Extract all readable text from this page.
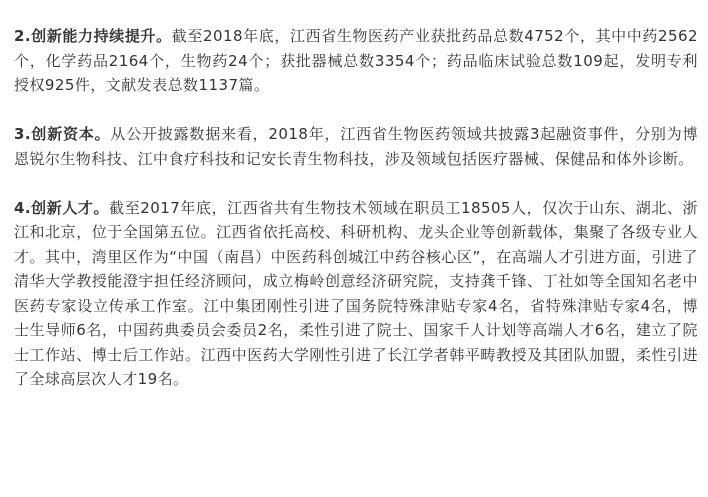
2.创新能力持续提升。截至2018年底，江西省生物医药产业获批药品总数4752个，其中中药2562个，化学药品2164个，生物药24个；获批器械总数3354个；药品临床试验总数109起，发明专利授权925件，文献发表总数1137篇。

3.创新资本。从公开披露数据来看，2018年，江西省生物医药领域共披露3起融资事件，分别为博恩锐尔生物科技、江中食疗科技和记安长青生物科技，涉及领域包括医疗器械、保健品和体外诊断。

4.创新人才。截至2017年底，江西省共有生物技术领域在职员工18505人，仅次于山东、湖北、浙江和北京，位于全国第五位。江西省依托高校、科研机构、龙头企业等创新载体，集聚了各级专业人才。其中，湾里区作为“中国（南昌）中医药科创城江中药谷核心区”，在高端人才引进方面，引进了清华大学教授能澄宇担任经济顾问，成立梅岭创意经济研究院，支持龚千锋、丁社如等全国知名老中医药专家设立传承工作室。江中集团刚性引进了国务院特殊津贴专家4名，省特殊津贴专家4名，博士生导师6名，中国药典委员会委员2名，柔性引进了院士、国家千人计划等高端人才6名，建立了院士工作站、博士后工作站。江西中医药大学刚性引进了长江学者韩平畴教授及其团队加盟，柔性引进了全球高层次人才19名。
